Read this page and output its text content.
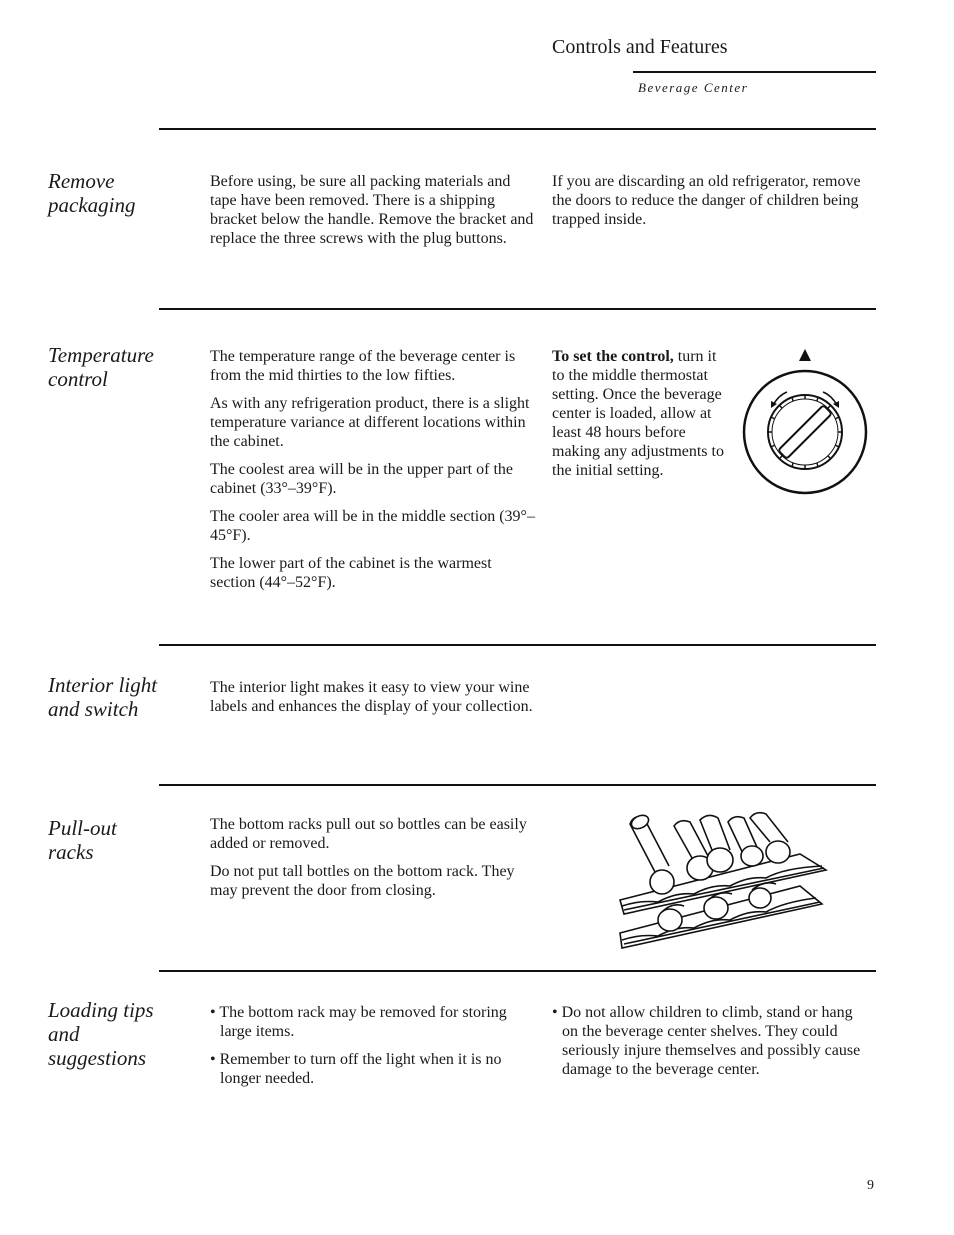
Controls and Features
Beverage Center
Remove packaging

Before using, be sure all packing materials and tape have been removed. There is a shipping bracket below the handle. Remove the bracket and replace the three screws with the plug buttons.

If you are discarding an old refrigerator, remove the doors to reduce the danger of children being trapped inside.

Temperature control

The temperature range of the beverage center is from the mid thirties to the low fifties.

As with any refrigeration product, there is a slight temperature variance at different locations within the cabinet.

The coolest area will be in the upper part of the cabinet (33°–39°F).

The cooler area will be in the middle section (39°–45°F).

The lower part of the cabinet is the warmest section (44°–52°F).

To set the control, turn it to the middle thermostat setting. Once the beverage center is loaded, allow at least 48 hours before making any adjustments to the initial setting.

Interior light and switch

The interior light makes it easy to view your wine labels and enhances the display of your collection.

Pull-out racks

The bottom racks pull out so bottles can be easily added or removed.

Do not put tall bottles on the bottom rack. They may prevent the door from closing.

Loading tips and suggestions

• The bottom rack may be removed for storing large items.

• Remember to turn off the light when it is no longer needed.

• Do not allow children to climb, stand or hang on the beverage center shelves. They could seriously injure themselves and possibly cause damage to the beverage center.

9
